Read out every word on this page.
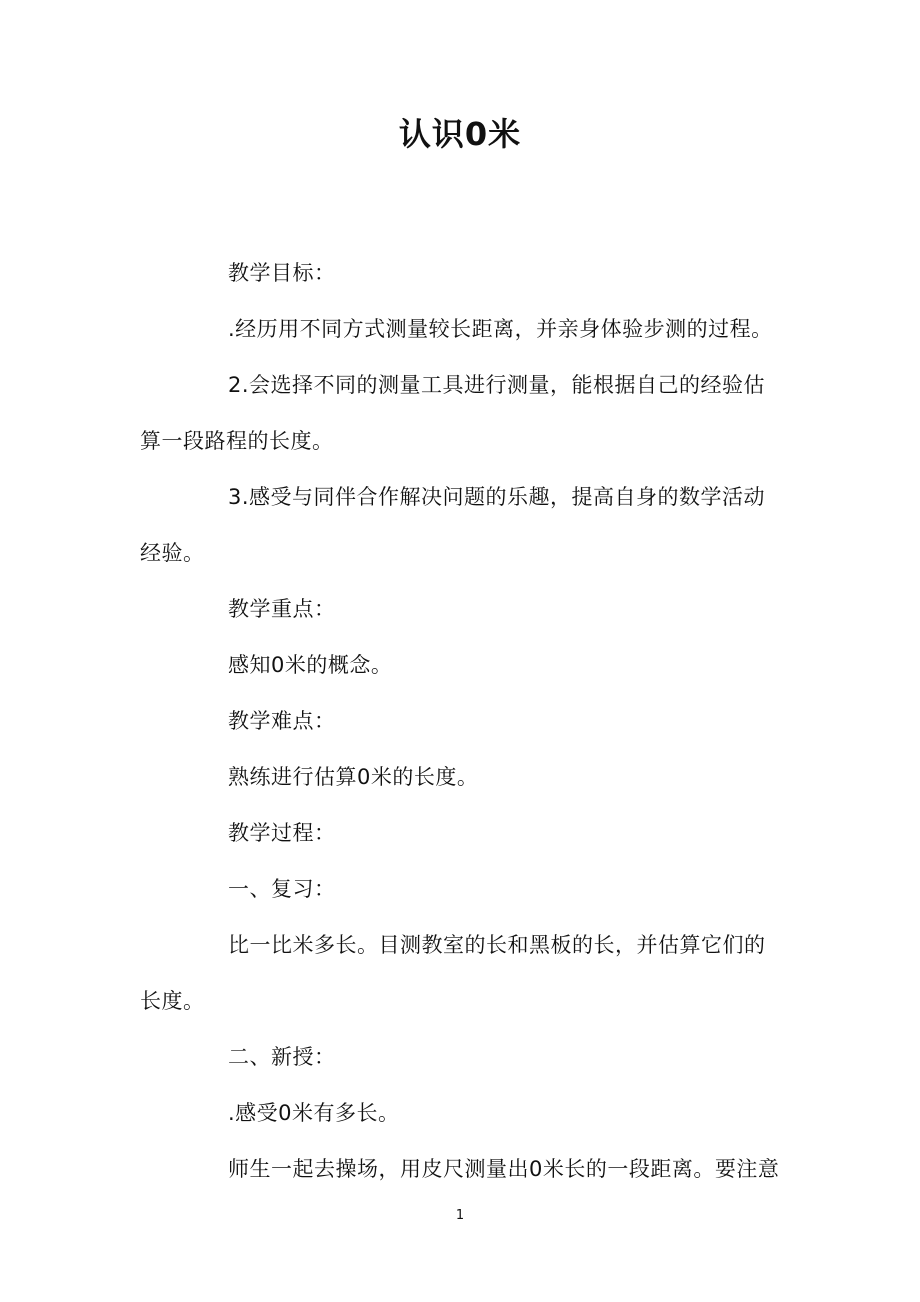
认识0米

教学目标：

.经历用不同方式测量较长距离，并亲身体验步测的过程。

2.会选择不同的测量工具进行测量，能根据自己的经验估算一段路程的长度。

3.感受与同伴合作解决问题的乐趣，提高自身的数学活动经验。

教学重点：

感知0米的概念。

教学难点：

熟练进行估算0米的长度。

教学过程：

一、复习：

比一比米多长。目测教室的长和黑板的长，并估算它们的长度。

二、新授：

.感受0米有多长。

师生一起去操场，用皮尺测量出0米长的一段距离。要注意

1
